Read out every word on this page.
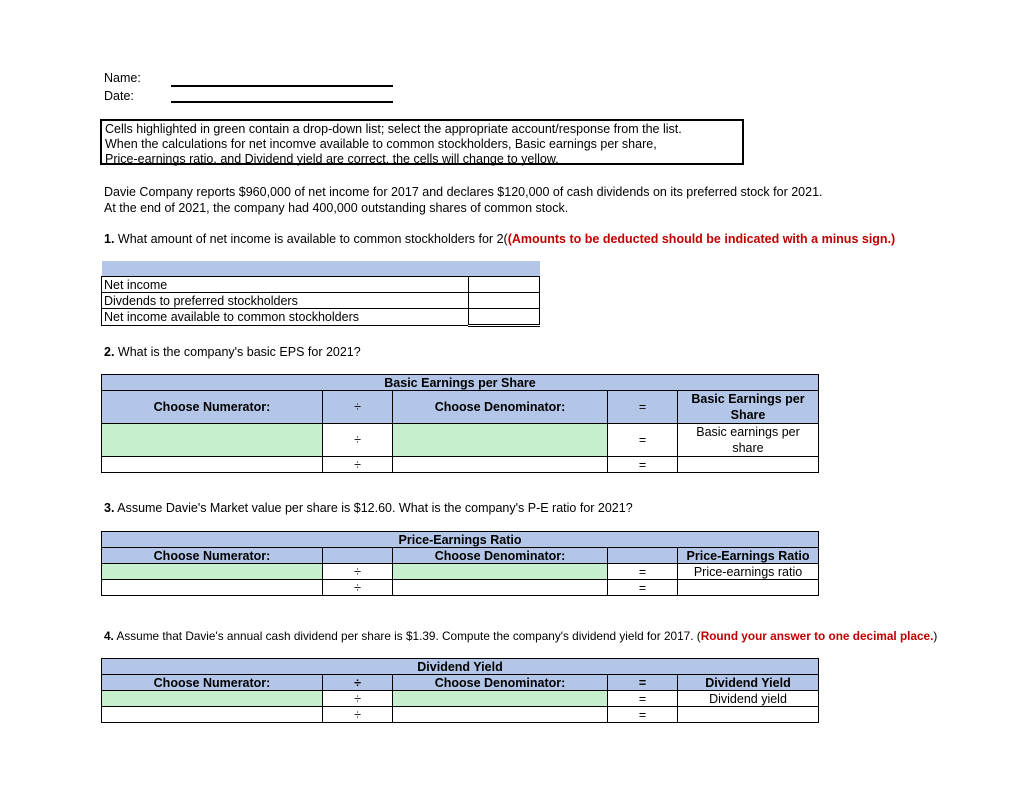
Name:
Date:
Cells highlighted in green contain a drop-down list; select the appropriate account/response from the list.
When the calculations for net incomve available to common stockholders, Basic earnings per share,
Price-earnings ratio, and Dividend yield are correct, the cells will change to yellow.
Davie Company reports $960,000 of net income for 2017 and declares $120,000 of cash dividends on its preferred stock for 2021.
At the end of 2021, the company had 400,000 outstanding shares of common stock.
1. What amount of net income is available to common stockholders for 2((Amounts to be deducted should be indicated with a minus sign.)

Net income	
Divdends to preferred stockholders	
Net income available to common stockholders	
2. What is the company's basic EPS for 2021?
Basic Earnings per Share				
Choose Numerator:	÷	Choose Denominator:	=	Basic Earnings per Share
	÷		=	Basic earnings per share
	÷		=	
3. Assume Davie's Market value per share is $12.60. What is the company's P-E ratio for 2021?
Price-Earnings Ratio				
Choose Numerator:		Choose Denominator:		Price-Earnings Ratio
	÷		=	Price-earnings ratio
	÷		=	
4. Assume that Davie's annual cash dividend per share is $1.39. Compute the company's dividend yield for 2017. (Round your answer to one decimal place.)
Dividend Yield				
Choose Numerator:	÷	Choose Denominator:	=	Dividend Yield
	÷		=	Dividend yield
	÷		=	
